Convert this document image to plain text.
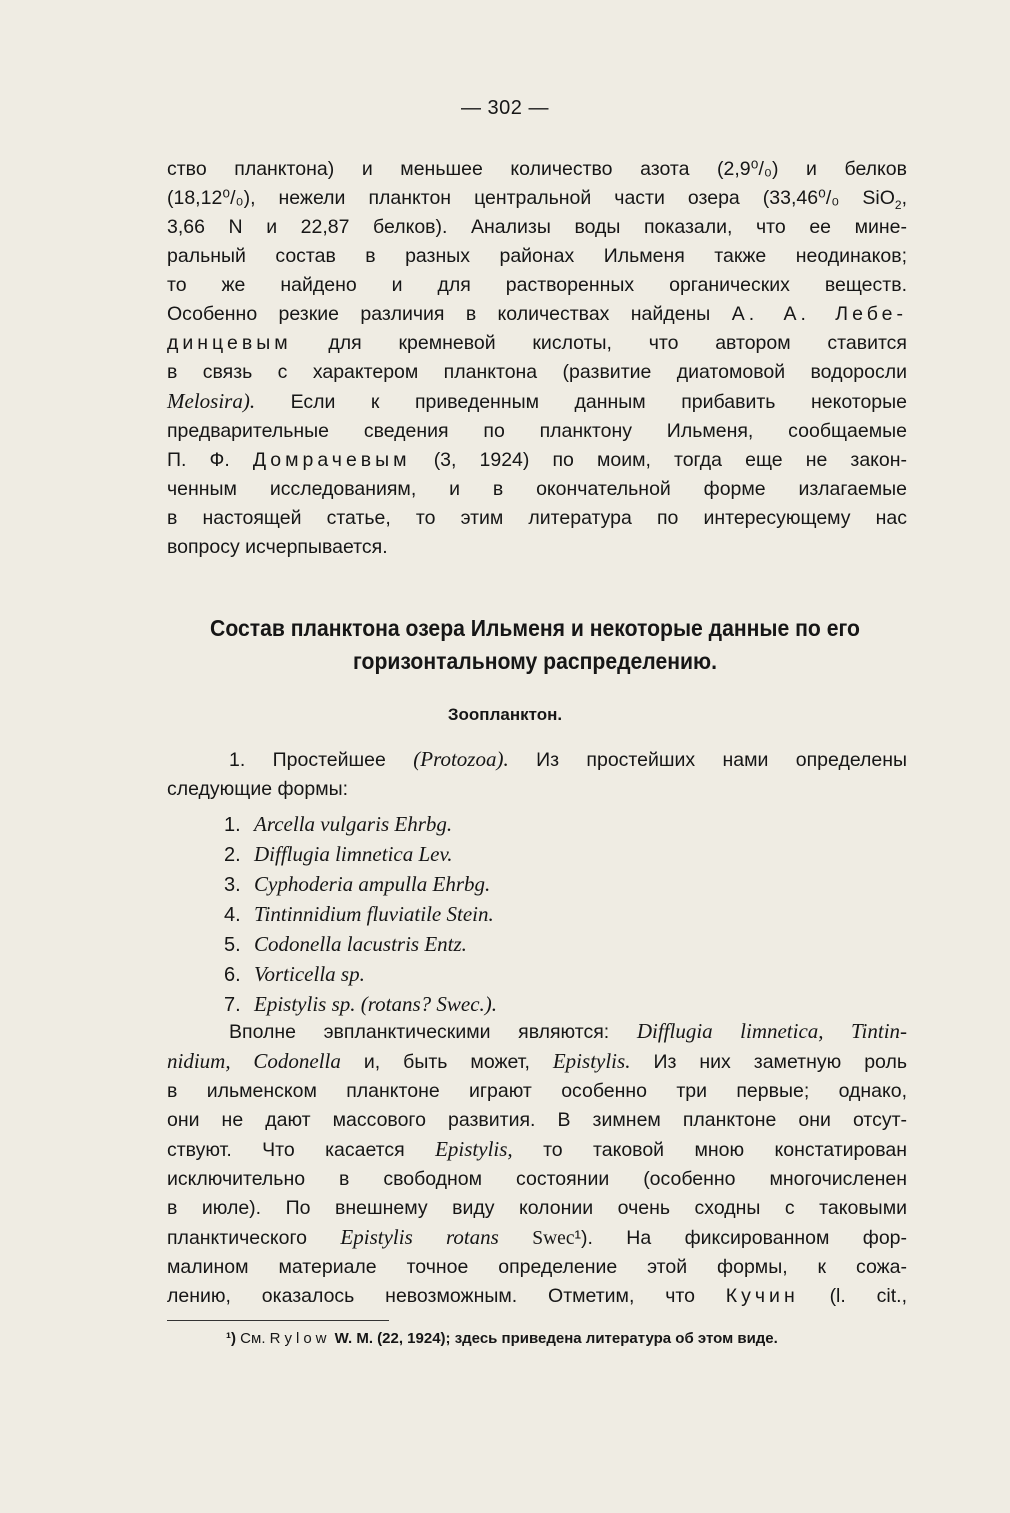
— 302 —

ство планктона) и меньшее количество азота (2,9⁰/₀) и белков

(18,12⁰/₀), нежели планктон центральной части озера (33,46⁰/₀ SiO$_2$,

3,66 N и 22,87 белков). Анализы воды показали, что ее мине-

ральный состав в разных районах Ильменя также неодинаков;

то же найдено и для растворенных органических веществ.

Особенно резкие различия в количествах найдены А. А. Лебе-

динцевым для кремневой кислоты, что автором ставится

в связь с характером планктона (развитие диатомовой водоросли

Melosira). Если к приведенным данным прибавить некоторые

предварительные сведения по планктону Ильменя, сообщаемые

П. Ф. Домрачевым (3, 1924) по моим, тогда еще не закон-

ченным исследованиям, и в окончательной форме излагаемые

в настоящей статье, то этим литература по интересующему нас

вопросу исчерпывается.

Состав планктона озера Ильменя и некоторые данные по его
горизонтальному распределению.
Зоопланктон.

1. Простейшее (Protozoa). Из простейших нами определены

следующие формы:

1. Arcella vulgaris Ehrbg.
2. Difflugia limnetica Lev.
3. Cyphoderia ampulla Ehrbg.
4. Tintinnidium fluviatile Stein.
5. Codonella lacustris Entz.
6. Vorticella sp.
7. Epistylis sp. (rotans? Swec.).

Вполне эвпланктическими являются: Difflugia limnetica, Tintin-

nidium, Codonella и, быть может, Epistylis. Из них заметную роль

в ильменском планктоне играют особенно три первые; однако,

они не дают массового развития. В зимнем планктоне они отсут-

ствуют. Что касается Epistylis, то таковой мною констатирован

исключительно в свободном состоянии (особенно многочисленен

в июле). По внешнему виду колонии очень сходны с таковыми

планктического Epistylis rotans Swec¹). На фиксированном фор-

малином материале точное определение этой формы, к сожа-

лению, оказалось невозможным. Отметим, что Кучин (l. cit.,

¹) См. Rylow W. M. (22, 1924); здесь приведена литература об этом виде.
